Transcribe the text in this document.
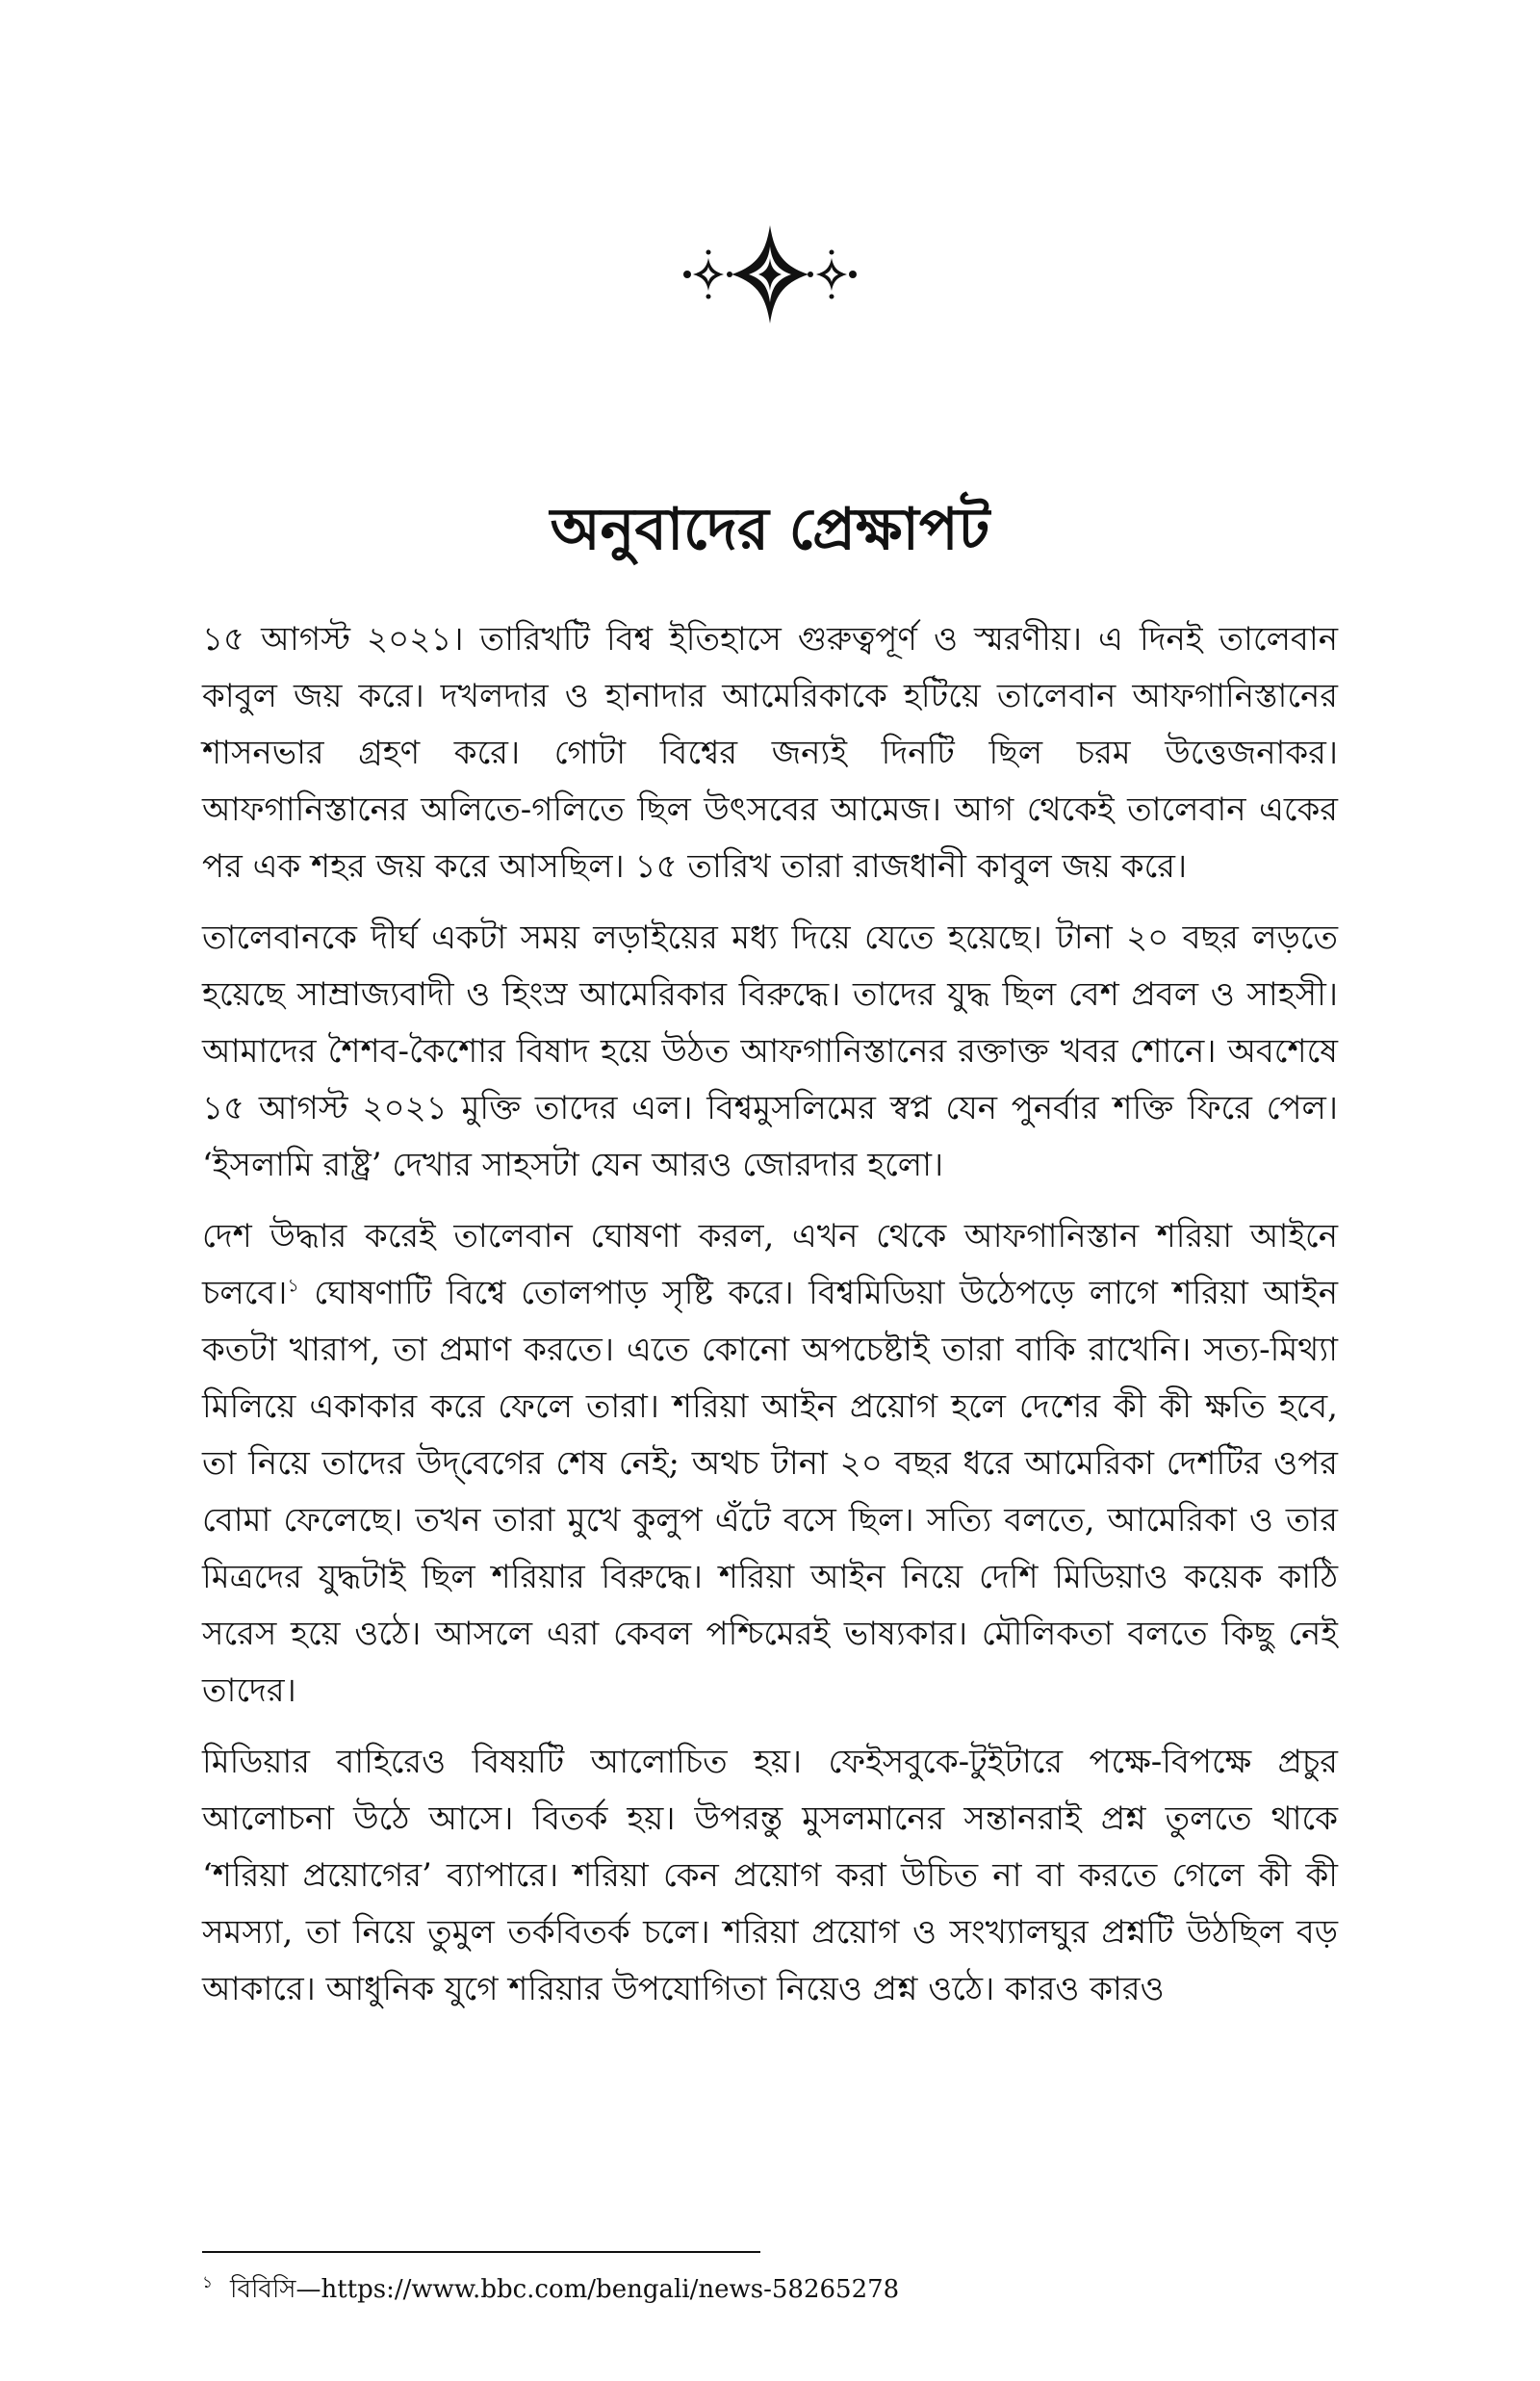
অনুবাদের প্রেক্ষাপট

১৫ আগস্ট ২০২১। তারিখটি বিশ্ব ইতিহাসে গুরুত্বপূর্ণ ও স্মরণীয়। এ দিনই তালেবান কাবুল জয় করে। দখলদার ও হানাদার আমেরিকাকে হটিয়ে তালেবান আফগানিস্তানের শাসনভার গ্রহণ করে। গোটা বিশ্বের জন্যই দিনটি ছিল চরম উত্তেজনাকর। আফগানিস্তানের অলিতে-গলিতে ছিল উৎসবের আমেজ। আগ থেকেই তালেবান একের পর এক শহর জয় করে আসছিল। ১৫ তারিখ তারা রাজধানী কাবুল জয় করে।

তালেবানকে দীর্ঘ একটা সময় লড়াইয়ের মধ্য দিয়ে যেতে হয়েছে। টানা ২০ বছর লড়তে হয়েছে সাম্রাজ্যবাদী ও হিংস্র আমেরিকার বিরুদ্ধে। তাদের যুদ্ধ ছিল বেশ প্রবল ও সাহসী। আমাদের শৈশব-কৈশোর বিষাদ হয়ে উঠত আফগানিস্তানের রক্তাক্ত খবর শোনে। অবশেষে ১৫ আগস্ট ২০২১ মুক্তি তাদের এল। বিশ্বমুসলিমের স্বপ্ন যেন পুনর্বার শক্তি ফিরে পেল। ‘ইসলামি রাষ্ট্র’ দেখার সাহসটা যেন আরও জোরদার হলো।

দেশ উদ্ধার করেই তালেবান ঘোষণা করল, এখন থেকে আফগানিস্তান শরিয়া আইনে চলবে।$^১$ ঘোষণাটি বিশ্বে তোলপাড় সৃষ্টি করে। বিশ্বমিডিয়া উঠেপড়ে লাগে শরিয়া আইন কতটা খারাপ, তা প্রমাণ করতে। এতে কোনো অপচেষ্টাই তারা বাকি রাখেনি। সত্য-মিথ্যা মিলিয়ে একাকার করে ফেলে তারা। শরিয়া আইন প্রয়োগ হলে দেশের কী কী ক্ষতি হবে, তা নিয়ে তাদের উদ্‌বেগের শেষ নেই; অথচ টানা ২০ বছর ধরে আমেরিকা দেশটির ওপর বোমা ফেলেছে। তখন তারা মুখে কুলুপ এঁটে বসে ছিল। সত্যি বলতে, আমেরিকা ও তার মিত্রদের যুদ্ধটাই ছিল শরিয়ার বিরুদ্ধে। শরিয়া আইন নিয়ে দেশি মিডিয়াও কয়েক কাঠি সরেস হয়ে ওঠে। আসলে এরা কেবল পশ্চিমেরই ভাষ্যকার। মৌলিকতা বলতে কিছু নেই তাদের।

মিডিয়ার বাহিরেও বিষয়টি আলোচিত হয়। ফেইসবুকে-টুইটারে পক্ষে-বিপক্ষে প্রচুর আলোচনা উঠে আসে। বিতর্ক হয়। উপরন্তু মুসলমানের সন্তানরাই প্রশ্ন তুলতে থাকে ‘শরিয়া প্রয়োগের’ ব্যাপারে। শরিয়া কেন প্রয়োগ করা উচিত না বা করতে গেলে কী কী সমস্যা, তা নিয়ে তুমুল তর্কবিতর্ক চলে। শরিয়া প্রয়োগ ও সংখ্যালঘুর প্রশ্নটি উঠছিল বড় আকারে। আধুনিক যুগে শরিয়ার উপযোগিতা নিয়েও প্রশ্ন ওঠে। কারও কারও

$^১$ বিবিসি—https://www.bbc.com/bengali/news-58265278
